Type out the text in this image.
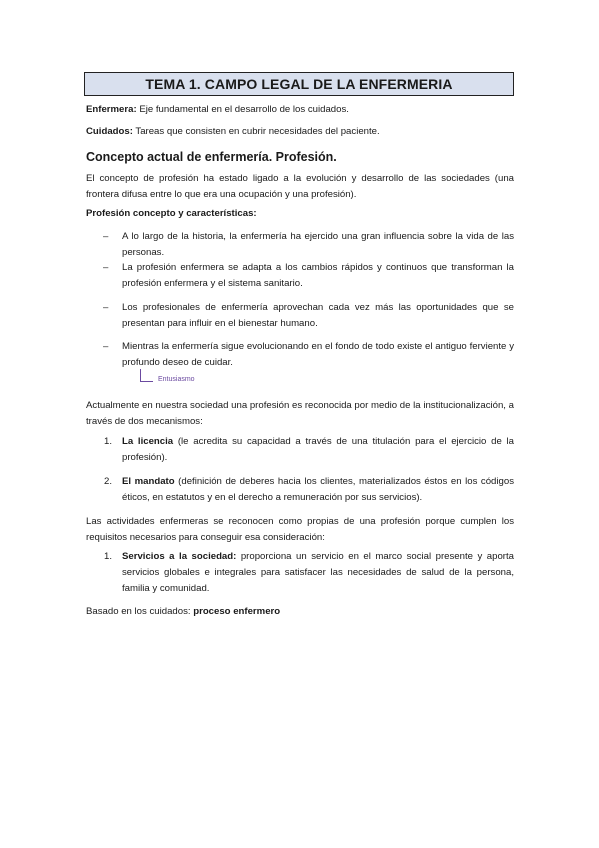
TEMA 1. CAMPO LEGAL DE LA ENFERMERIA
Enfermera: Eje fundamental en el desarrollo de los cuidados.
Cuidados: Tareas que consisten en cubrir necesidades del paciente.
Concepto actual de enfermería. Profesión.
El concepto de profesión ha estado ligado a la evolución y desarrollo de las sociedades (una frontera difusa entre lo que era una ocupación y una profesión).
Profesión concepto y características:
– A lo largo de la historia, la enfermería ha ejercido una gran influencia sobre la vida de las personas.
– La profesión enfermera se adapta a los cambios rápidos y continuos que transforman la profesión enfermera y el sistema sanitario.
– Los profesionales de enfermería aprovechan cada vez más las oportunidades que se presentan para influir en el bienestar humano.
– Mientras la enfermería sigue evolucionando en el fondo de todo existe el antiguo ferviente y profundo deseo de cuidar.
Entusiasmo
Actualmente en nuestra sociedad una profesión es reconocida por medio de la institucionalización, a través de dos mecanismos:
1. La licencia (le acredita su capacidad a través de una titulación para el ejercicio de la profesión).
2. El mandato (definición de deberes hacia los clientes, materializados éstos en los códigos éticos, en estatutos y en el derecho a remuneración por sus servicios).
Las actividades enfermeras se reconocen como propias de una profesión porque cumplen los requisitos necesarios para conseguir esa consideración:
1. Servicios a la sociedad: proporciona un servicio en el marco social presente y aporta servicios globales e integrales para satisfacer las necesidades de salud de la persona, familia y comunidad.
Basado en los cuidados: proceso enfermero
